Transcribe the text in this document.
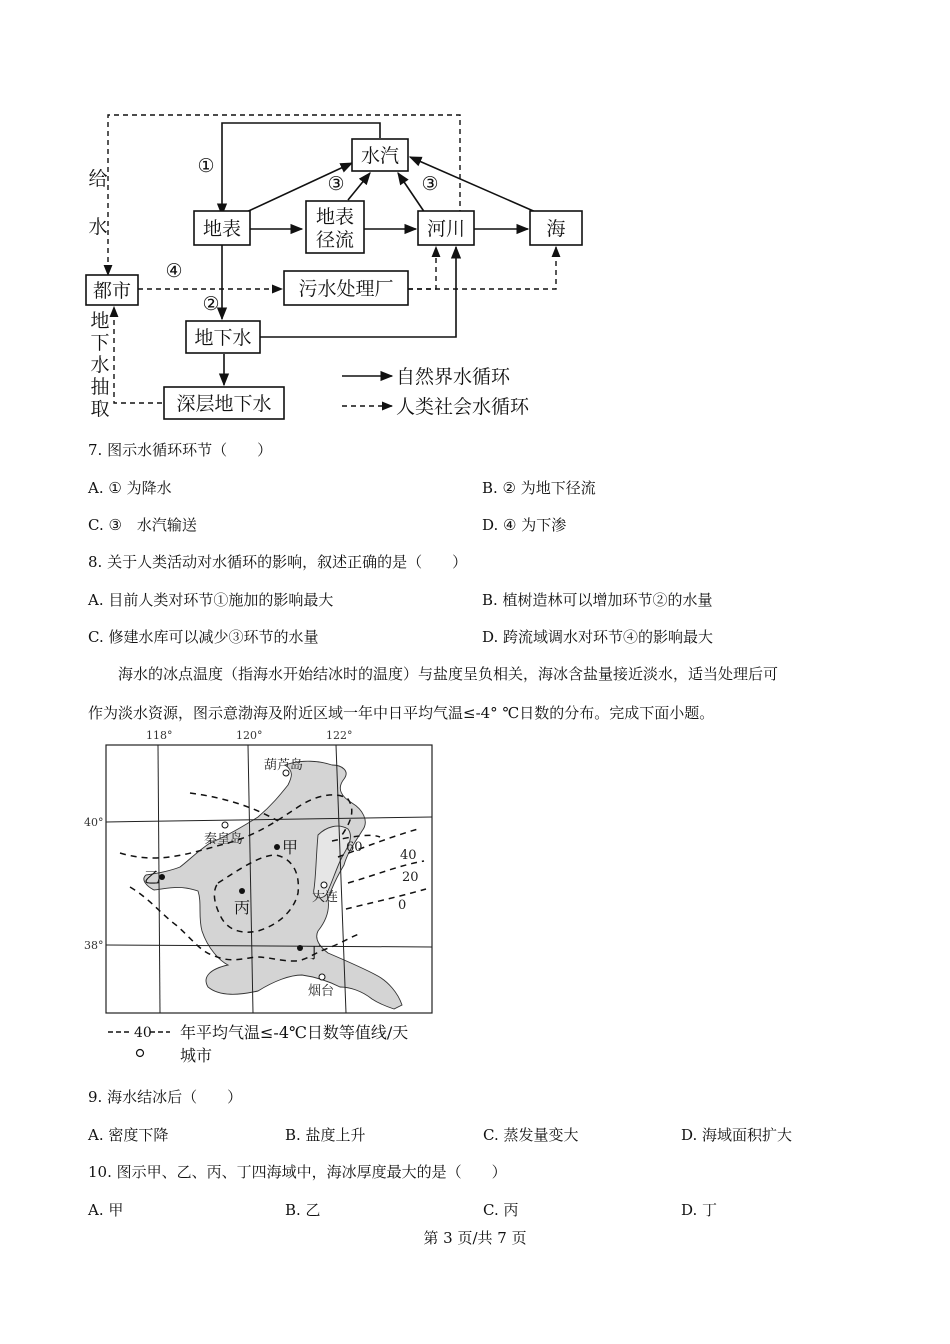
水汽
地表
地表
径流	河川	海
都市	污水处理厂
地下水
深层地下水
①
②
③	③
④
给
水
地
下
水
抽
取
自然界水循环
人类社会水循环
7. 图示水循环环节（　　）
A. ① 为降水	B. ② 为地下径流
C. ③　水汽输送	D. ④ 为下渗
8. 关于人类活动对水循环的影响，叙述正确的是（　　）
A. 目前人类对环节①施加的影响最大	B. 植树造林可以增加环节②的水量
C. 修建水库可以减少③环节的水量	D. 跨流域调水对环节④的影响最大
海水的冰点温度（指海水开始结冰时的温度）与盐度呈负相关，海冰含盐量接近淡水，适当处理后可
作为淡水资源，图示意渤海及附近区域一年中日平均气温≤-4° ℃日数的分布。完成下面小题。
118°	120°	122°
40°
38°
葫芦岛
秦皇岛
大连
烟台
60
40
20
0
甲
乙
丙
丁
40 年平均气温≤-4℃日数等值线/天
城市
9. 海水结冰后（　　）
A. 密度下降	B. 盐度上升	C. 蒸发量变大	D. 海域面积扩大
10. 图示甲、乙、丙、丁四海域中，海冰厚度最大的是（　　）
A. 甲	B. 乙	C. 丙	D. 丁
第 3 页/共 7 页
